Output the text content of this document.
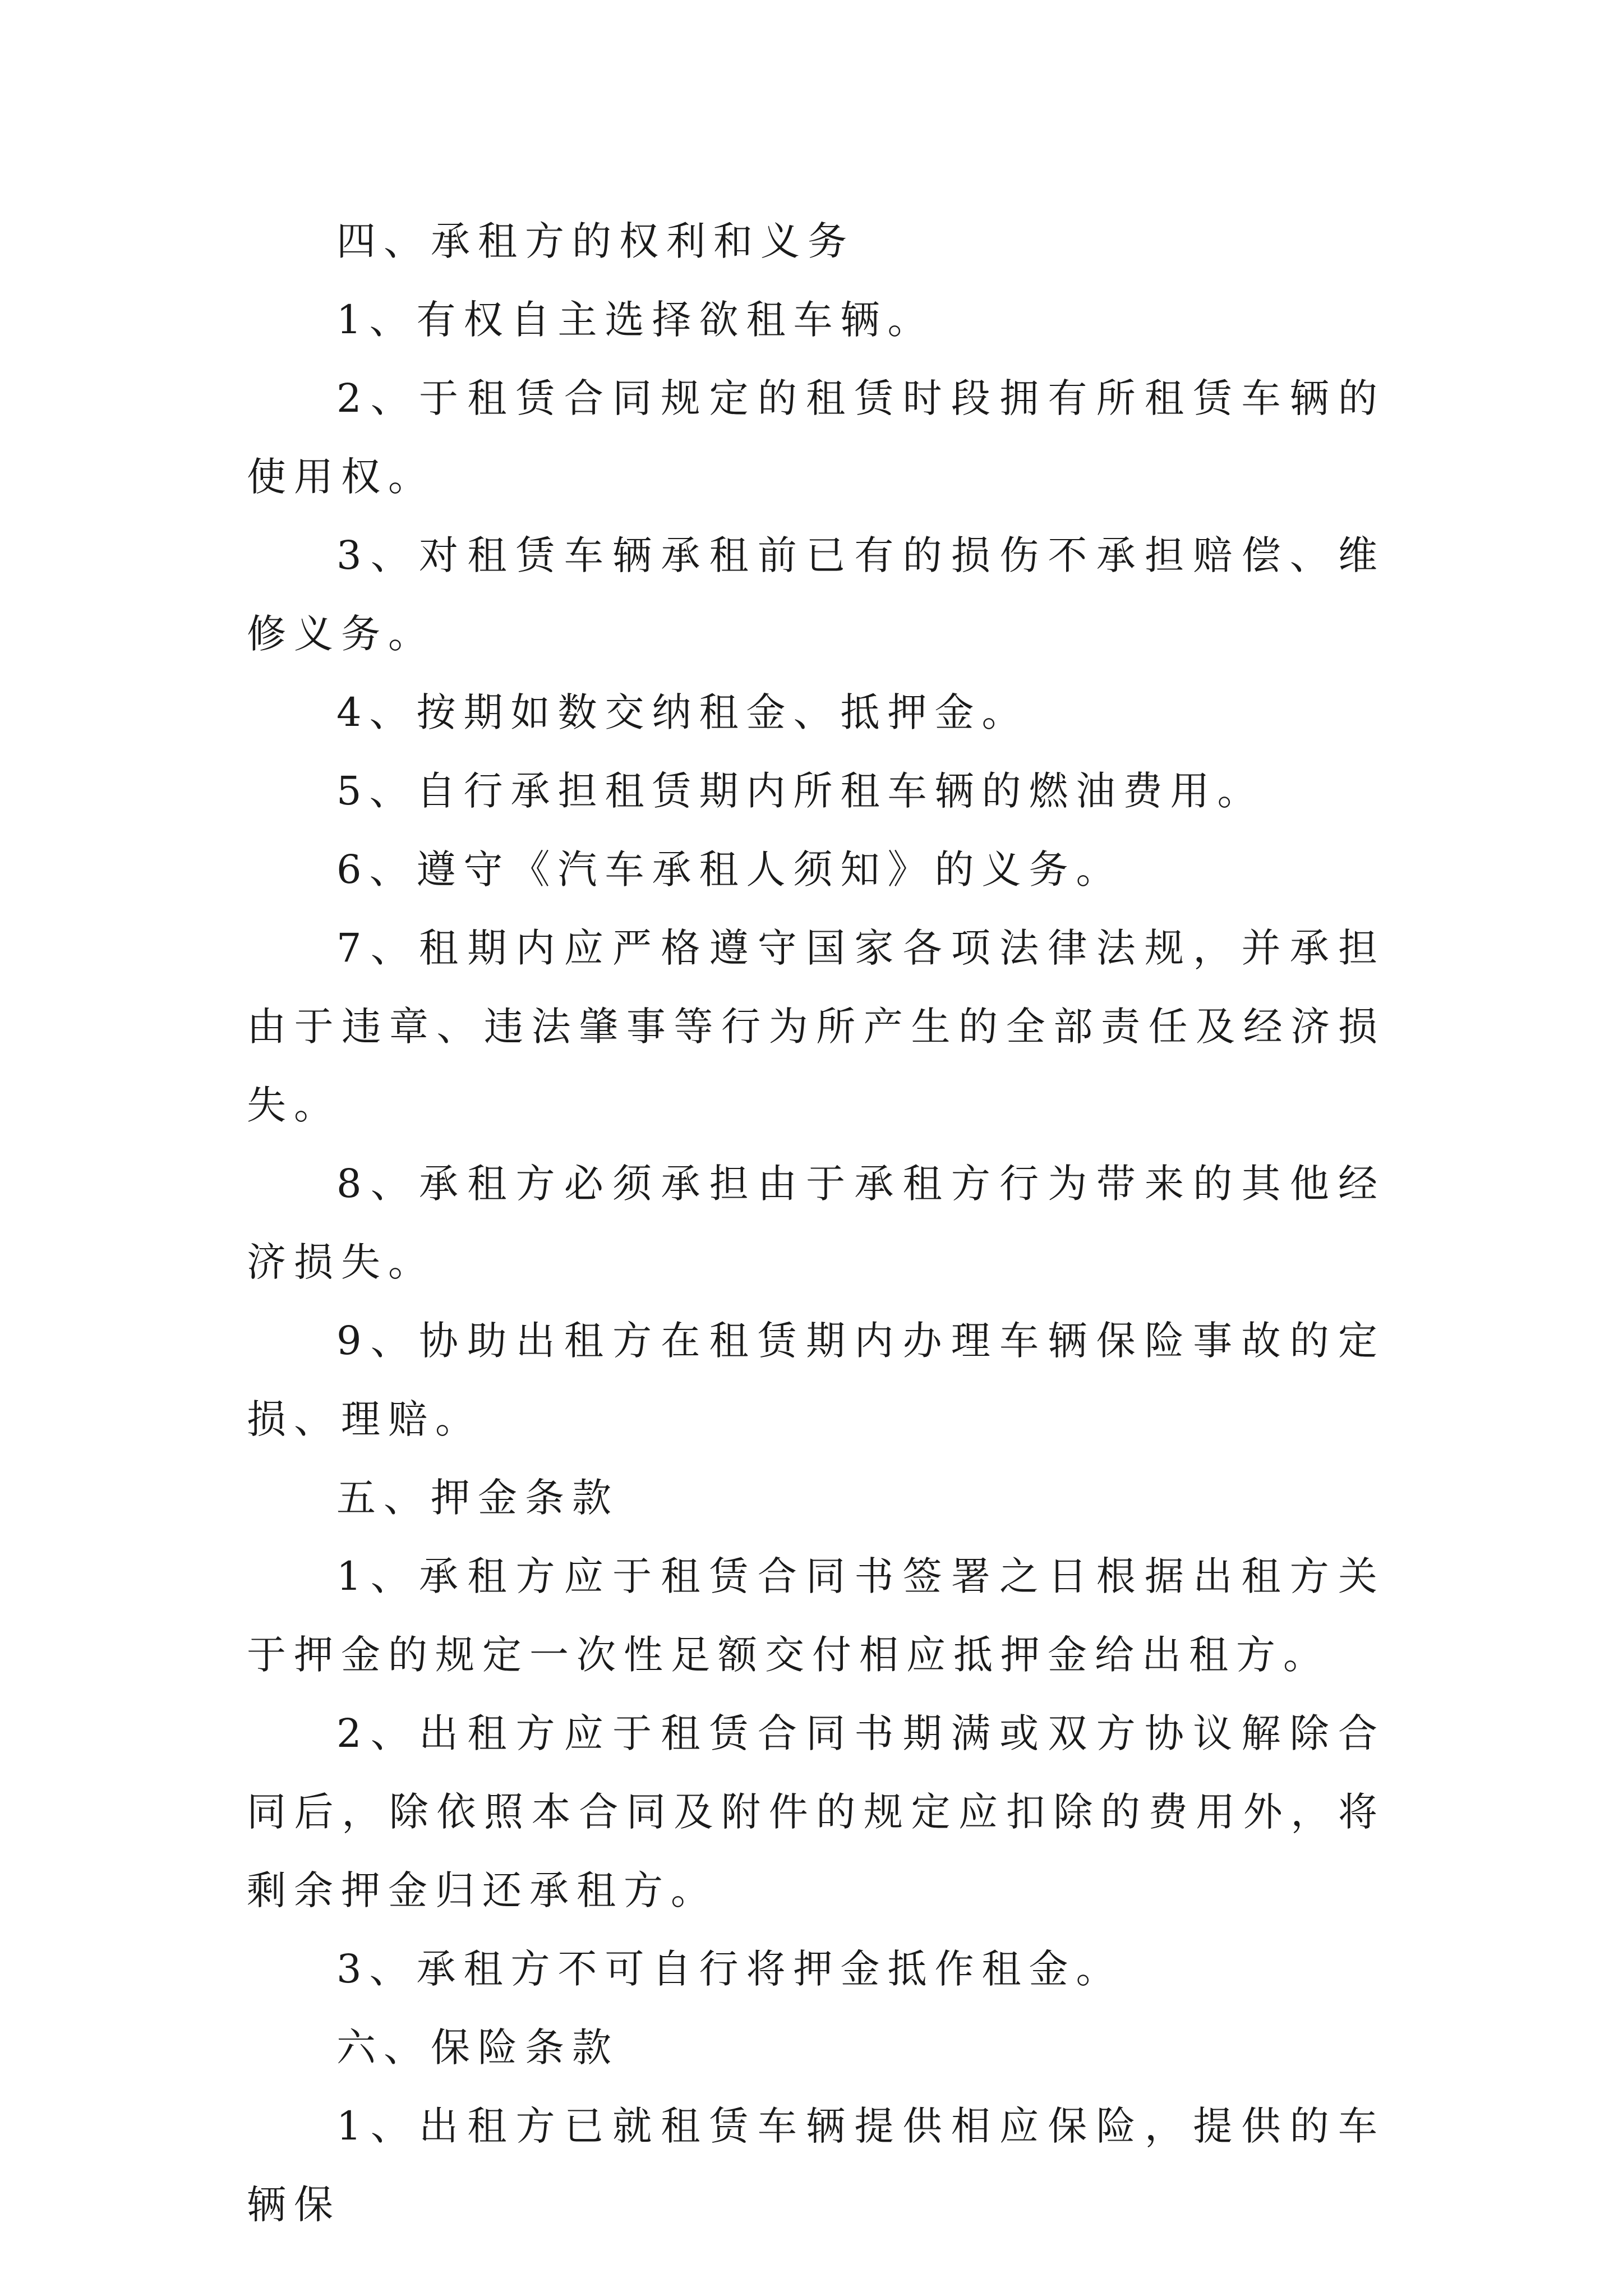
四、承租方的权利和义务

1、有权自主选择欲租车辆。

2、于租赁合同规定的租赁时段拥有所租赁车辆的使用权。

3、对租赁车辆承租前已有的损伤不承担赔偿、维修义务。

4、按期如数交纳租金、抵押金。

5、自行承担租赁期内所租车辆的燃油费用。

6、遵守《汽车承租人须知》的义务。

7、租期内应严格遵守国家各项法律法规，并承担由于违章、违法肇事等行为所产生的全部责任及经济损失。

8、承租方必须承担由于承租方行为带来的其他经济损失。

9、协助出租方在租赁期内办理车辆保险事故的定损、理赔。

五、押金条款

1、承租方应于租赁合同书签署之日根据出租方关于押金的规定一次性足额交付相应抵押金给出租方。

2、出租方应于租赁合同书期满或双方协议解除合同后，除依照本合同及附件的规定应扣除的费用外，将剩余押金归还承租方。

3、承租方不可自行将押金抵作租金。

六、保险条款

1、出租方已就租赁车辆提供相应保险，提供的车辆保
